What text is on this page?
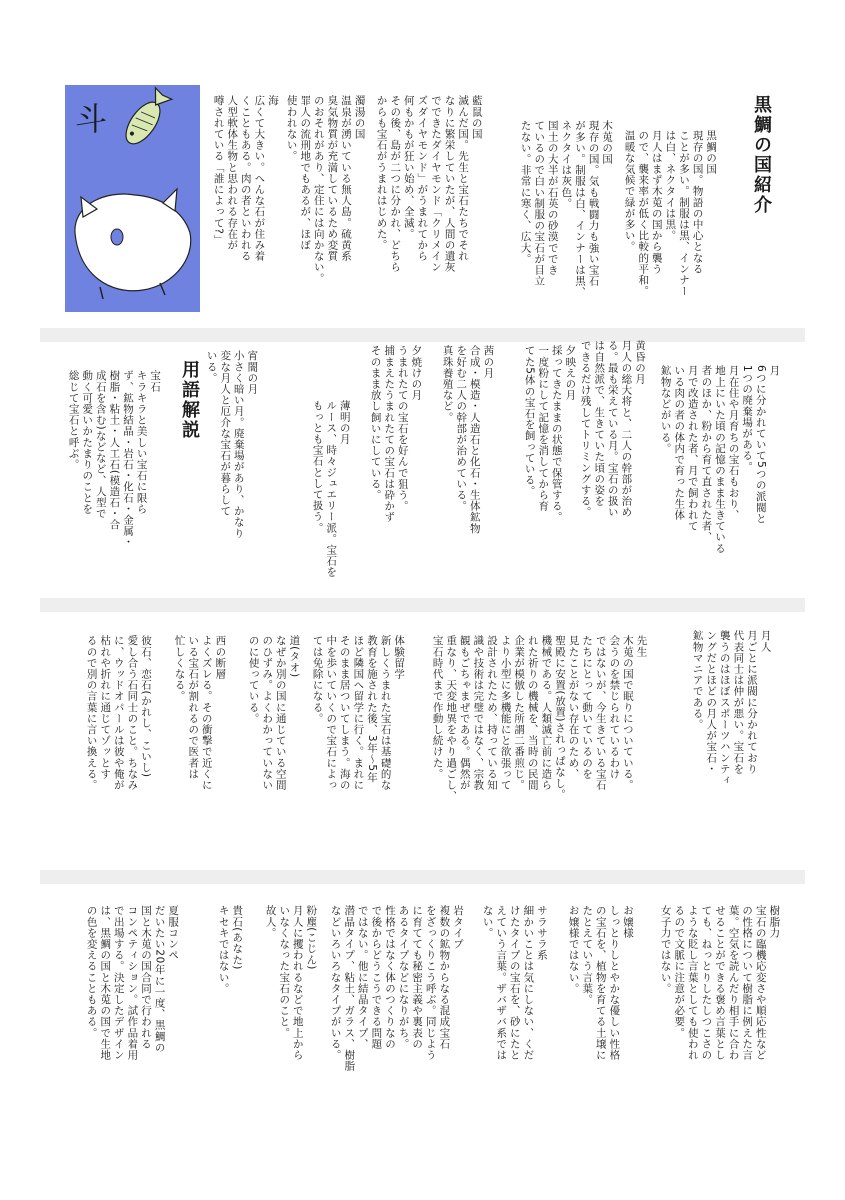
斗	黒鯛の国紹介
黒鯛の国
現存の国。物語の中心となる
ことが多い。制服は黒、インナー
は白、ネクタイは黒。
月人はまず木莵の国から襲う
ので、襲来率が低く比較的平和。
温暖な気候で緑が多い。
木莵の国
現存の国。気も戦闘力も強い宝石
が多い。制服は白、インナーは黒、
ネクタイは灰色。
国土の大半が石英の砂漠ででき
ているので白い制服の宝石が目立
たない。非常に寒く、広大。
藍鼠の国
滅んだ国。先生と宝石たちでそれ
なりに繁栄していたが、人間の遺灰
でできたダイヤモンド「クリメイン
ズダイヤモンド」がうまれてから
何もかもが狂い始め、全滅。
その後、島が二つに分かれ、どちら
からも宝石がうまれはじめた。
濁湯の国
温泉が湧いている無人島。硫黄系
臭気物質が充満しているため変質
のおそれがあり、定住には向かない。
罪人の流刑地でもあるが、ほぼ
使われない。
海
広くて大きい。へんな石が住み着
くこともある。肉の者といわれる
人型軟体生物と思われる存在が
噂されている「誰によって?」
月
6つに分かれていて5つの派閥と
1つの廃棄場がある。
月在住や月育ちの宝石もおり、
地上にいた頃の記憶のまま生きている
者のほか、粉から育て直された者、
月で改造された者、月で飼われて
いる肉の者の体内で育った生体
鉱物などがいる。
黄昏の月
月人の総大将と、二人の幹部が治め
る。最も栄えている月。宝石の扱い
は自然派で、生きていた頃の姿を
できるだけ残してトリミングする。
夕映えの月
採ってきたままの状態で保管する。
一度粉にして記憶を消してから育
てた5体の宝石を飼っている。
茜の月
合成・模造・人造石と化石・生体鉱物
を好む二人の幹部が治めている。
真珠養殖など。
夕焼けの月
うまれたての宝石を好んで狙う。
捕まえたうまれたての宝石は砕かず
そのまま放し飼いにしている。
薄明の月
ルース、時々ジュエリー派。宝石を
もっとも宝石として扱う。
宵闇の月
小さく暗い月。廃棄場があり、かなり
変な月人と厄介な宝石が暮らして
いる。
用語解説
宝石
キラキラと美しい宝石に限ら
ず、鉱物結晶・岩石・化石・金属・
樹脂・粘土・人工石(模造石・合
成石を含む)などなど、人型で
動く可愛いかたまりのことを
総じて宝石と呼ぶ。
月人
月ごとに派閥に分かれており
代表同士は仲が悪い。宝石を
襲うのはほぼスポーツハンティ
ングだとほどの月人が宝石・
鉱物マニアである。
先生
木莵の国で眠りについている。
会うのを禁じられているわけ
ではないが、今生きている宝石
たちにとって動いているのを
見たことがない存在のため、
聖殿に安置(放置)されっぱなし。
機械である。人類滅亡前に造ら
れた祈りの機械を、当時の民間
企業が模倣した所謂二番煎じ。
より小型に多機能にと欲張って
設計されたため、持っている知
識や技術は完璧ではなく、宗教
観もごちゃまぜである。偶然が
重なり、天変地異をやり過ごし、
宝石時代まで作動し続けた。
体験留学
新しくうまれた宝石は基礎的な
教育を施された後、3年～5年
ほど隣国へ留学に行く。まれに
そのまま居ついてしまう。海の
中を歩いていくので宝石によっ
ては免除になる。
道(タオ)
なぜか別の国に通じている空間
のひずみ。よくわかっていない
のに使っている。
西の断層
よくズレる。その衝撃で近くに
いる宝石が割れるので医者は
忙しくなる。
彼石、恋石(かれし、こいし)
愛し合う石同士のこと。ちなみ
に、ウッドオパールは彼や俺が
枯れや折れに通じてゾッとす
るので別の言葉に言い換える。
樹脂力
宝石の臨機応変さや順応性など
の性格について樹脂に例えた言
葉。空気を読んだり相手に合わ
せることができる褒め言葉とし
ても、ねっとりしたしつこさの
ような貶し言葉としても使われ
るので文脈に注意が必要。
女子力ではない。
お嬢様
しっとりしとやかな優しい性格
の宝石を、植物を育てる土壌に
たとえていう言葉。
お嬢様ではない。
サラサラ系
細かいことは気にしない、くだ
けたタイプの宝石を、砂にたと
えていう言葉。ザバザバ系では
ない。
岩タイプ
複数の鉱物からなる混成宝石
をざっくりこう呼ぶ。同じよう
に育てても秘密主義や裏表の
あるタイプなどになりがち。
性格ではなく体のつくりなの
で後からどうこうできる問題
ではない。他に結晶タイプ、
潜晶タイプ、粘土、ガラス、樹脂
などいろいろなタイプがいる。
粉塵(こじん)
月人に攫われるなどで地上から
いなくなった宝石のこと。
故人。
貴石(あなた)
キセキではない。
夏服コンペ
だいたい20年に一度、黒鯛の
国と木莵の国合同で行われる
コンペティション。試作品着用
で出場する。決定したデザイン
は、黒鯛の国と木莵の国で生地
の色を変えることもある。
